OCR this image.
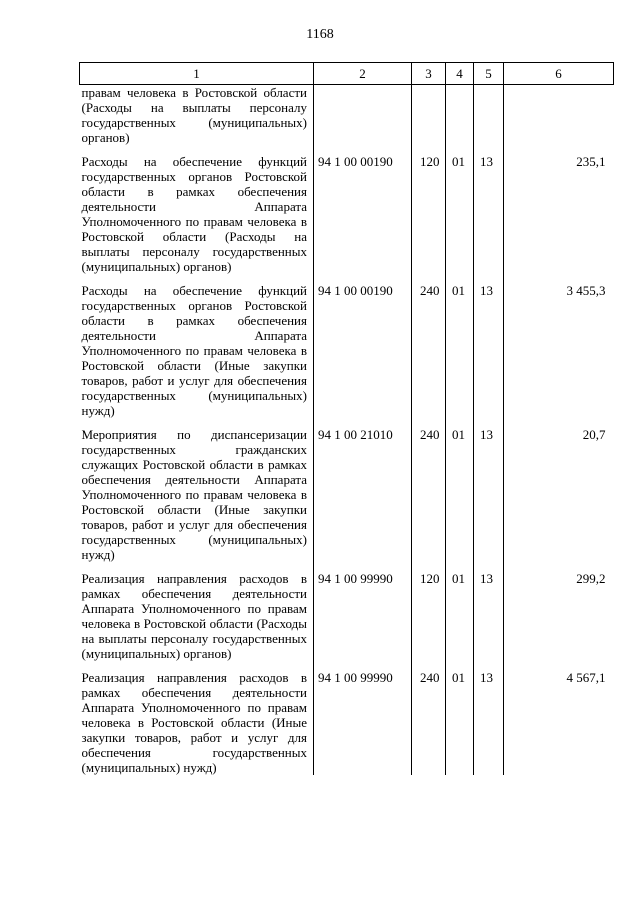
1168
1	2	3	4	5	6
правам человека в Ростовской области (Расходы на выплаты персоналу государственных (муниципальных) органов)					
Расходы на обеспечение функций государственных органов Ростовской области в рамках обеспечения деятельности Аппарата Уполномоченного по правам человека в Ростовской области (Расходы на выплаты персоналу государственных (муниципальных) органов)	94 1 00 00190	120	01	13	235,1
Расходы на обеспечение функций государственных органов Ростовской области в рамках обеспечения деятельности Аппарата Уполномоченного по правам человека в Ростовской области (Иные закупки товаров, работ и услуг для обеспечения государственных (муниципальных) нужд)	94 1 00 00190	240	01	13	3 455,3
Мероприятия по диспансеризации государственных гражданских служащих Ростовской области в рамках обеспечения деятельности Аппарата Уполномоченного по правам человека в Ростовской области (Иные закупки товаров, работ и услуг для обеспечения государственных (муниципальных) нужд)	94 1 00 21010	240	01	13	20,7
Реализация направления расходов в рамках обеспечения деятельности Аппарата Уполномоченного по правам человека в Ростовской области (Расходы на выплаты персоналу государственных (муниципальных) органов)	94 1 00 99990	120	01	13	299,2
Реализация направления расходов в рамках обеспечения деятельности Аппарата Уполномоченного по правам человека в Ростовской области (Иные закупки товаров, работ и услуг для обеспечения государственных (муниципальных) нужд)	94 1 00 99990	240	01	13	4 567,1
